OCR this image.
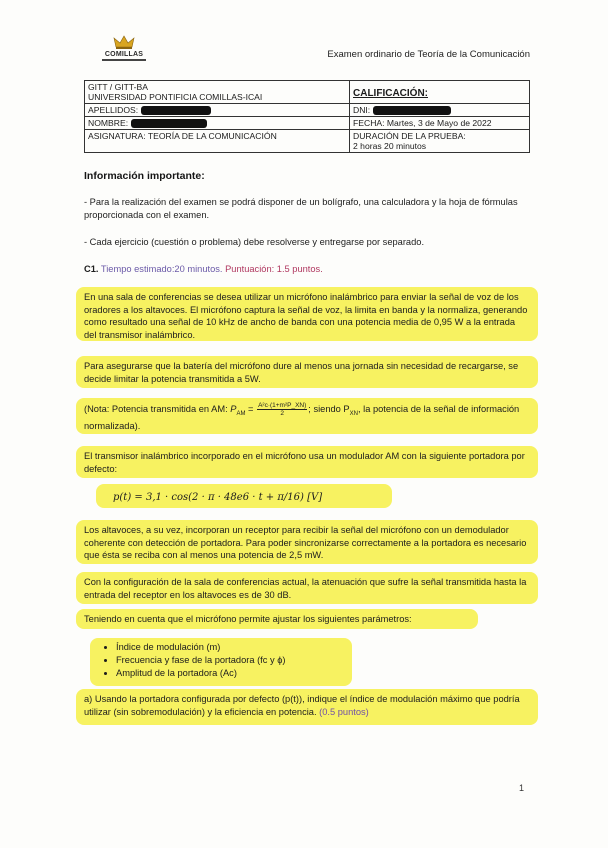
COMILLAS	Examen ordinario de Teoría de la Comunicación
GITT / GITT-BA
UNIVERSIDAD PONTIFICIA COMILLAS-ICAI	CALIFICACIÓN:
APELLIDOS:	DNI:
NOMBRE:	FECHA: Martes, 3 de Mayo de 2022
ASIGNATURA: TEORÍA DE LA COMUNICACIÓN	DURACIÓN DE LA PRUEBA:
2 horas 20 minutos
Información importante:
- Para la realización del examen se podrá disponer de un bolígrafo, una calculadora y la hoja de fórmulas proporcionada con el examen.
- Cada ejercicio (cuestión o problema) debe resolverse y entregarse por separado.
C1. Tiempo estimado:20 minutos. Puntuación: 1.5 puntos.
En una sala de conferencias se desea utilizar un micrófono inalámbrico para enviar la señal de voz de los oradores a los altavoces. El micrófono captura la señal de voz, la limita en banda y la normaliza, generando como resultado una señal de 10 kHz de ancho de banda con una potencia media de 0,95 W a la entrada del transmisor inalámbrico.
Para asegurarse que la batería del micrófono dure al menos una jornada sin necesidad de recargarse, se decide limitar la potencia transmitida a 5W.
(Nota: Potencia transmitida en AM: $P_{AM} = \frac{\text{A²c·(1+m²P\_XN)}}{2}$ ; siendo $P_{XN}$, la potencia de la señal de información normalizada).
El transmisor inalámbrico incorporado en el micrófono usa un modulador AM con la siguiente portadora por defecto:
p(t) = 3,1 · cos(2 · π · 48e6 · t + π/16) [V]
Los altavoces, a su vez, incorporan un receptor para recibir la señal del micrófono con un demodulador coherente con detección de portadora. Para poder sincronizarse correctamente a la portadora es necesario que ésta se reciba con al menos una potencia de 2,5 mW.
Con la configuración de la sala de conferencias actual, la atenuación que sufre la señal transmitida hasta la entrada del receptor en los altavoces es de 30 dB.
Teniendo en cuenta que el micrófono permite ajustar los siguientes parámetros:
• Índice de modulación (m)
• Frecuencia y fase de la portadora (fc y ϕ)
• Amplitud de la portadora (Ac)
a) Usando la portadora configurada por defecto (p(t)), indique el índice de modulación máximo que podría utilizar (sin sobremodulación) y la eficiencia en potencia. (0.5 puntos)
1
